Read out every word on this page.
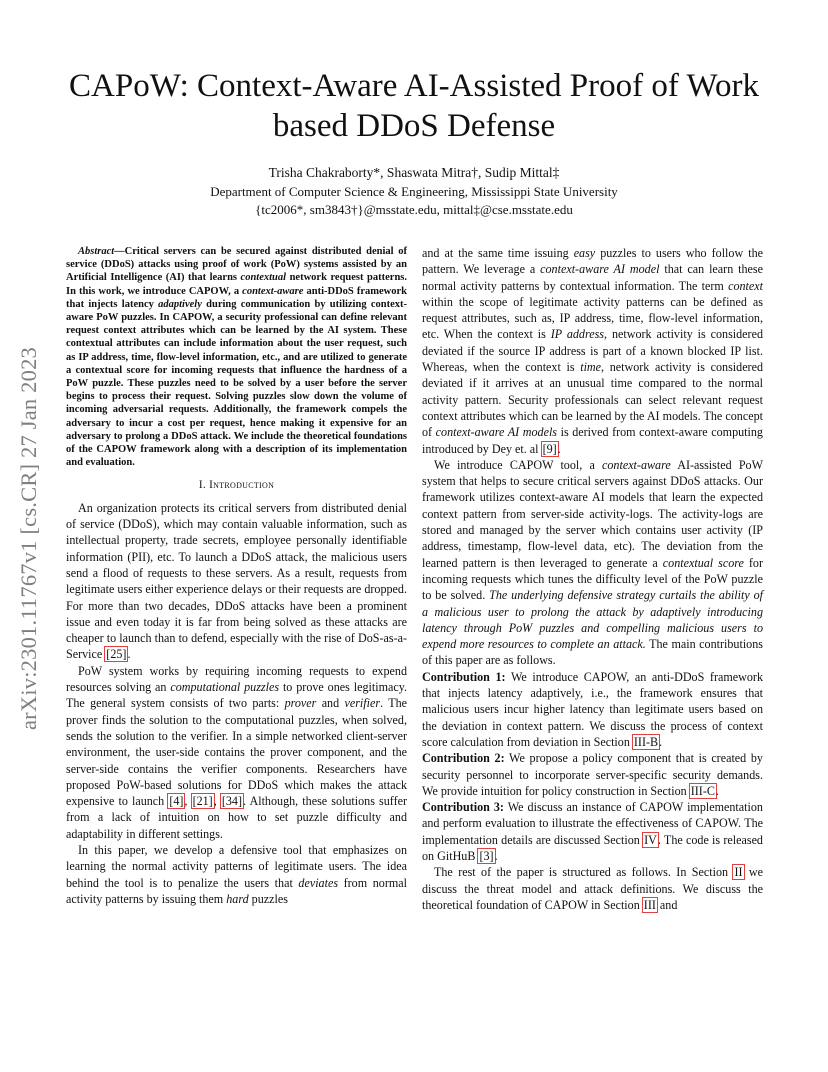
CAPoW: Context-Aware AI-Assisted Proof of Work
based DDoS Defense
Trisha Chakraborty*, Shaswata Mitra†, Sudip Mittal‡
Department of Computer Science & Engineering, Mississippi State University
{tc2006*, sm3843†}@msstate.edu, mittal‡@cse.msstate.edu
arXiv:2301.11767v1 [cs.CR] 27 Jan 2023

Abstract—Critical servers can be secured against distributed denial of service (DDoS) attacks using proof of work (PoW) systems assisted by an Artificial Intelligence (AI) that learns contextual network request patterns. In this work, we introduce CAPOW, a context-aware anti-DDoS framework that injects latency adaptively during communication by utilizing context-aware PoW puzzles. In CAPOW, a security professional can define relevant request context attributes which can be learned by the AI system. These contextual attributes can include information about the user request, such as IP address, time, flow-level information, etc., and are utilized to generate a contextual score for incoming requests that influence the hardness of a PoW puzzle. These puzzles need to be solved by a user before the server begins to process their request. Solving puzzles slow down the volume of incoming adversarial requests. Additionally, the framework compels the adversary to incur a cost per request, hence making it expensive for an adversary to prolong a DDoS attack. We include the theoretical foundations of the CAPOW framework along with a description of its implementation and evaluation.

I. Introduction

An organization protects its critical servers from distributed denial of service (DDoS), which may contain valuable information, such as intellectual property, trade secrets, employee personally identifiable information (PII), etc. To launch a DDoS attack, the malicious users send a flood of requests to these servers. As a result, requests from legitimate users either experience delays or their requests are dropped. For more than two decades, DDoS attacks have been a prominent issue and even today it is far from being solved as these attacks are cheaper to launch than to defend, especially with the rise of DoS-as-a-Service [25].

PoW system works by requiring incoming requests to expend resources solving an computational puzzles to prove ones legitimacy. The general system consists of two parts: prover and verifier. The prover finds the solution to the computational puzzles, when solved, sends the solution to the verifier. In a simple networked client-server environment, the user-side contains the prover component, and the server-side contains the verifier components. Researchers have proposed PoW-based solutions for DDoS which makes the attack expensive to launch [4], [21], [34]. Although, these solutions suffer from a lack of intuition on how to set puzzle difficulty and adaptability in different settings.

In this paper, we develop a defensive tool that emphasizes on learning the normal activity patterns of legitimate users. The idea behind the tool is to penalize the users that deviates from normal activity patterns by issuing them hard puzzles

and at the same time issuing easy puzzles to users who follow the pattern. We leverage a context-aware AI model that can learn these normal activity patterns by contextual information. The term context within the scope of legitimate activity patterns can be defined as request attributes, such as, IP address, time, flow-level information, etc. When the context is IP address, network activity is considered deviated if the source IP address is part of a known blocked IP list. Whereas, when the context is time, network activity is considered deviated if it arrives at an unusual time compared to the normal activity pattern. Security professionals can select relevant request context attributes which can be learned by the AI models. The concept of context-aware AI models is derived from context-aware computing introduced by Dey et. al [9].

We introduce CAPOW tool, a context-aware AI-assisted PoW system that helps to secure critical servers against DDoS attacks. Our framework utilizes context-aware AI models that learn the expected context pattern from server-side activity-logs. The activity-logs are stored and managed by the server which contains user activity (IP address, timestamp, flow-level data, etc). The deviation from the learned pattern is then leveraged to generate a contextual score for incoming requests which tunes the difficulty level of the PoW puzzle to be solved. The underlying defensive strategy curtails the ability of a malicious user to prolong the attack by adaptively introducing latency through PoW puzzles and compelling malicious users to expend more resources to complete an attack. The main contributions of this paper are as follows.

Contribution 1: We introduce CAPOW, an anti-DDoS framework that injects latency adaptively, i.e., the framework ensures that malicious users incur higher latency than legitimate users based on the deviation in context pattern. We discuss the process of context score calculation from deviation in Section III-B.

Contribution 2: We propose a policy component that is created by security personnel to incorporate server-specific security demands. We provide intuition for policy construction in Section III-C.

Contribution 3: We discuss an instance of CAPOW implementation and perform evaluation to illustrate the effectiveness of CAPOW. The implementation details are discussed Section IV. The code is released on GitHuB [3].

The rest of the paper is structured as follows. In Section II we discuss the threat model and attack definitions. We discuss the theoretical foundation of CAPOW in Section III and
